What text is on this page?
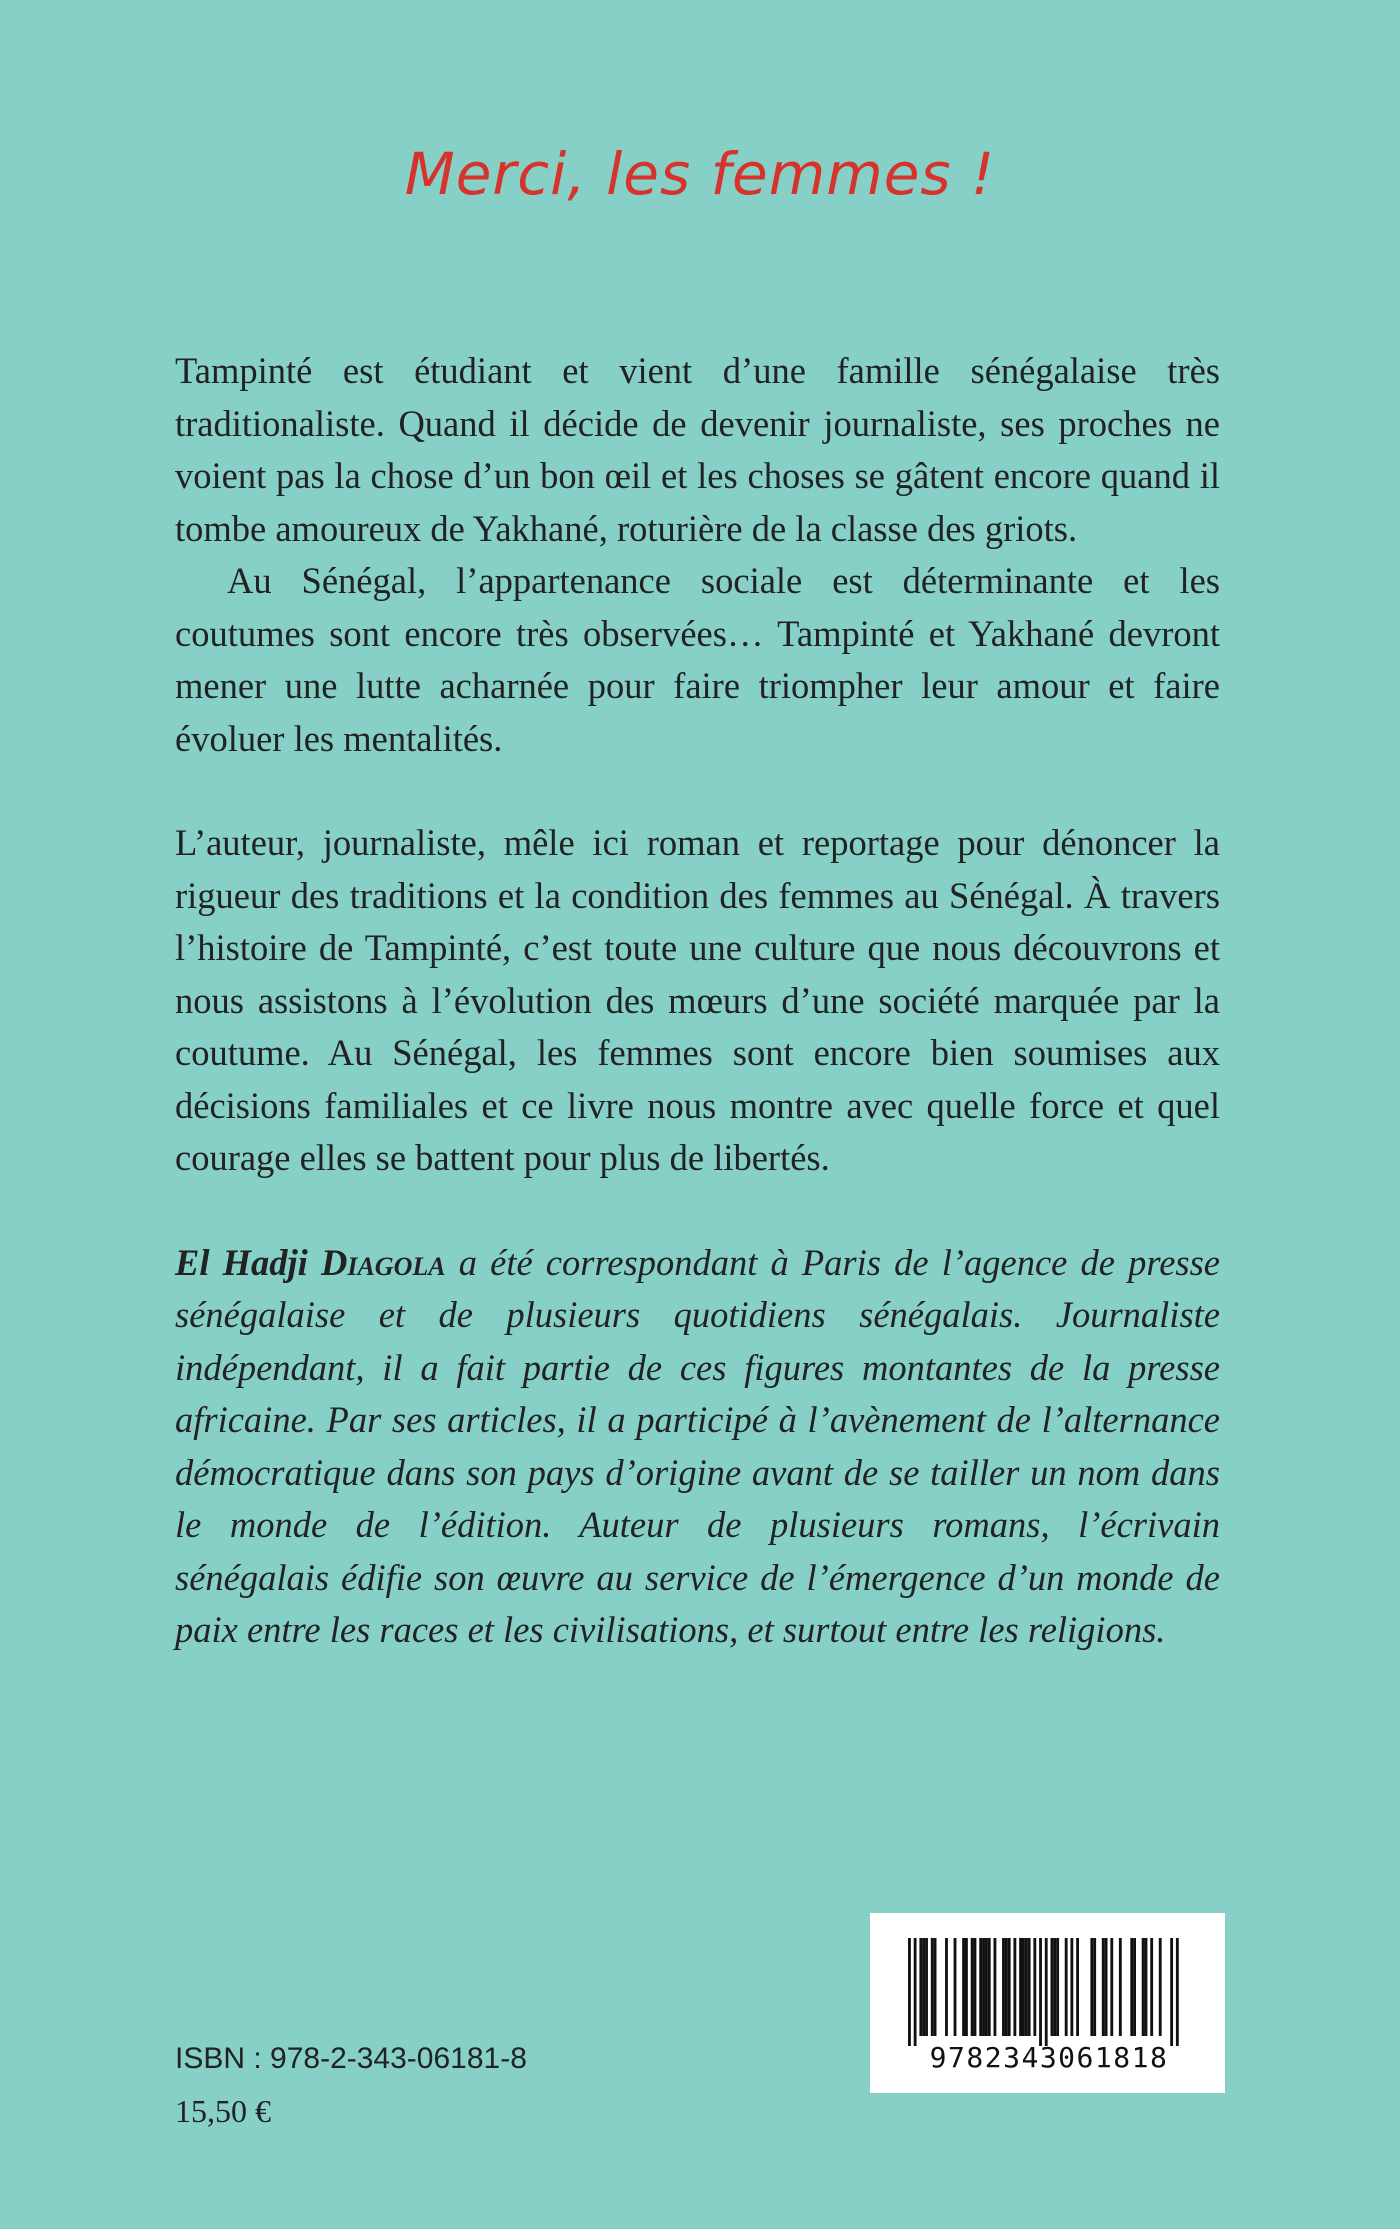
Merci, les femmes !

Tampinté est étudiant et vient d’une famille sénégalaise très traditionaliste. Quand il décide de devenir journaliste, ses proches ne voient pas la chose d’un bon œil et les choses se gâtent encore quand il tombe amoureux de Yakhané, roturière de la classe des griots.

Au Sénégal, l’appartenance sociale est déterminante et les coutumes sont encore très observées… Tampinté et Yakhané devront mener une lutte acharnée pour faire triompher leur amour et faire évoluer les mentalités.

L’auteur, journaliste, mêle ici roman et reportage pour dénoncer la rigueur des traditions et la condition des femmes au Sénégal. À travers l’histoire de Tampinté, c’est toute une culture que nous découvrons et nous assistons à l’évolution des mœurs d’une société marquée par la coutume. Au Sénégal, les femmes sont encore bien soumises aux décisions familiales et ce livre nous montre avec quelle force et quel courage elles se battent pour plus de libertés.

El Hadji Diagola a été correspondant à Paris de l’agence de presse sénégalaise et de plusieurs quotidiens sénégalais. Journaliste indépendant, il a fait partie de ces figures montantes de la presse africaine. Par ses articles, il a participé à l’avènement de l’alternance démocratique dans son pays d’origine avant de se tailler un nom dans le monde de l’édition. Auteur de plusieurs romans, l’écrivain sénégalais édifie son œuvre au service de l’émergence d’un monde de paix entre les races et les civilisations, et surtout entre les religions.

ISBN : 978-2-343-06181-8

15,50 €

9782343061818
